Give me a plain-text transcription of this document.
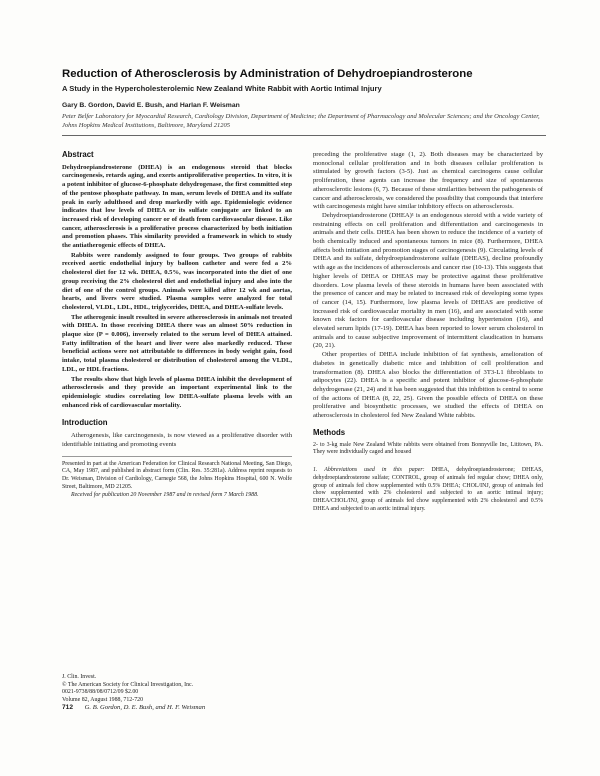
Reduction of Atherosclerosis by Administration of Dehydroepiandrosterone
A Study in the Hypercholesterolemic New Zealand White Rabbit with Aortic Intimal Injury
Gary B. Gordon, David E. Bush, and Harlan F. Weisman
Peter Belfer Laboratory for Myocardial Research, Cardiology Division, Department of Medicine; the Department of Pharmacology and Molecular Sciences; and the Oncology Center, Johns Hopkins Medical Institutions, Baltimore, Maryland 21205
Abstract

Dehydroepiandrosterone (DHEA) is an endogenous steroid that blocks carcinogenesis, retards aging, and exerts antiproliferative properties. In vitro, it is a potent inhibitor of glucose-6-phosphate dehydrogenase, the first committed step of the pentose phosphate pathway. In man, serum levels of DHEA and its sulfate peak in early adulthood and drop markedly with age. Epidemiologic evidence indicates that low levels of DHEA or its sulfate conjugate are linked to an increased risk of developing cancer or of death from cardiovascular disease. Like cancer, atherosclerosis is a proliferative process characterized by both initiation and promotion phases. This similarity provided a framework in which to study the antiatherogenic effects of DHEA.

Rabbits were randomly assigned to four groups. Two groups of rabbits received aortic endothelial injury by balloon catheter and were fed a 2% cholesterol diet for 12 wk. DHEA, 0.5%, was incorporated into the diet of one group receiving the 2% cholesterol diet and endothelial injury and also into the diet of one of the control groups. Animals were killed after 12 wk and aortas, hearts, and livers were studied. Plasma samples were analyzed for total cholesterol, VLDL, LDL, HDL, triglycerides, DHEA, and DHEA-sulfate levels.

The atherogenic insult resulted in severe atherosclerosis in animals not treated with DHEA. In those receiving DHEA there was an almost 50% reduction in plaque size (P = 0.006), inversely related to the serum level of DHEA attained. Fatty infiltration of the heart and liver were also markedly reduced. These beneficial actions were not attributable to differences in body weight gain, food intake, total plasma cholesterol or distribution of cholesterol among the VLDL, LDL, or HDL fractions.

The results show that high levels of plasma DHEA inhibit the development of atherosclerosis and they provide an important experimental link to the epidemiologic studies correlating low DHEA-sulfate plasma levels with an enhanced risk of cardiovascular mortality.

Introduction

Atherogenesis, like carcinogenesis, is now viewed as a proliferative disorder with identifiable initiating and promoting events

Presented in part at the American Federation for Clinical Research National Meeting, San Diego, CA, May 1987, and published in abstract form (Clin. Res. 35:281a). Address reprint requests to Dr. Weisman, Division of Cardiology, Carnegie 568, the Johns Hopkins Hospital, 600 N. Wolfe Street, Baltimore, MD 21205.

Received for publication 20 November 1987 and in revised form 7 March 1988.

J. Clin. Invest.
© The American Society for Clinical Investigation, Inc.
0021-9738/88/08/0712/09 $2.00
Volume 82, August 1988, 712-720
712 G. B. Gordon, D. E. Bush, and H. F. Weisman

preceding the proliferative stage (1, 2). Both diseases may be characterized by monoclonal cellular proliferation and in both diseases cellular proliferation is stimulated by growth factors (3-5). Just as chemical carcinogens cause cellular proliferation, these agents can increase the frequency and size of spontaneous atherosclerotic lesions (6, 7). Because of these similarities between the pathogenesis of cancer and atherosclerosis, we considered the possibility that compounds that interfere with carcinogenesis might have similar inhibitory effects on atherosclerosis.

Dehydroepiandrosterone (DHEA)¹ is an endogenous steroid with a wide variety of restraining effects on cell proliferation and differentiation and carcinogenesis in animals and their cells. DHEA has been shown to reduce the incidence of a variety of both chemically induced and spontaneous tumors in mice (8). Furthermore, DHEA affects both initiation and promotion stages of carcinogenesis (9). Circulating levels of DHEA and its sulfate, dehydroepiandrosterone sulfate (DHEAS), decline profoundly with age as the incidences of atherosclerosis and cancer rise (10-13). This suggests that higher levels of DHEA or DHEAS may be protective against these proliferative disorders. Low plasma levels of these steroids in humans have been associated with the presence of cancer and may be related to increased risk of developing some types of cancer (14, 15). Furthermore, low plasma levels of DHEAS are predictive of increased risk of cardiovascular mortality in men (16), and are associated with some known risk factors for cardiovascular disease including hypertension (16), and elevated serum lipids (17-19). DHEA has been reported to lower serum cholesterol in animals and to cause subjective improvement of intermittent claudication in humans (20, 21).

Other properties of DHEA include inhibition of fat synthesis, amelioration of diabetes in genetically diabetic mice and inhibition of cell proliferation and transformation (8). DHEA also blocks the differentiation of 3T3-L1 fibroblasts to adipocytes (22). DHEA is a specific and potent inhibitor of glucose-6-phosphate dehydrogenase (21, 24) and it has been suggested that this inhibition is central to some of the actions of DHEA (8, 22, 25). Given the possible effects of DHEA on these proliferative and biosynthetic processes, we studied the effects of DHEA on atherosclerosis in cholesterol fed New Zealand White rabbits.

Methods
2- to 3-kg male New Zealand White rabbits were obtained from Bonnyville Inc, Lititown, PA. They were individually caged and housed
1. Abbreviations used in this paper: DHEA, dehydroepiandrosterone; DHEAS, dehydroepiandrosterone sulfate; CONTROL, group of animals fed regular chow; DHEA only, group of animals fed chow supplemented with 0.5% DHEA; CHOL/INJ, group of animals fed chow supplemented with 2% cholesterol and subjected to an aortic intimal injury; DHEA/CHOL/INJ, group of animals fed chow supplemented with 2% cholesterol and 0.5% DHEA and subjected to an aortic intimal injury.
